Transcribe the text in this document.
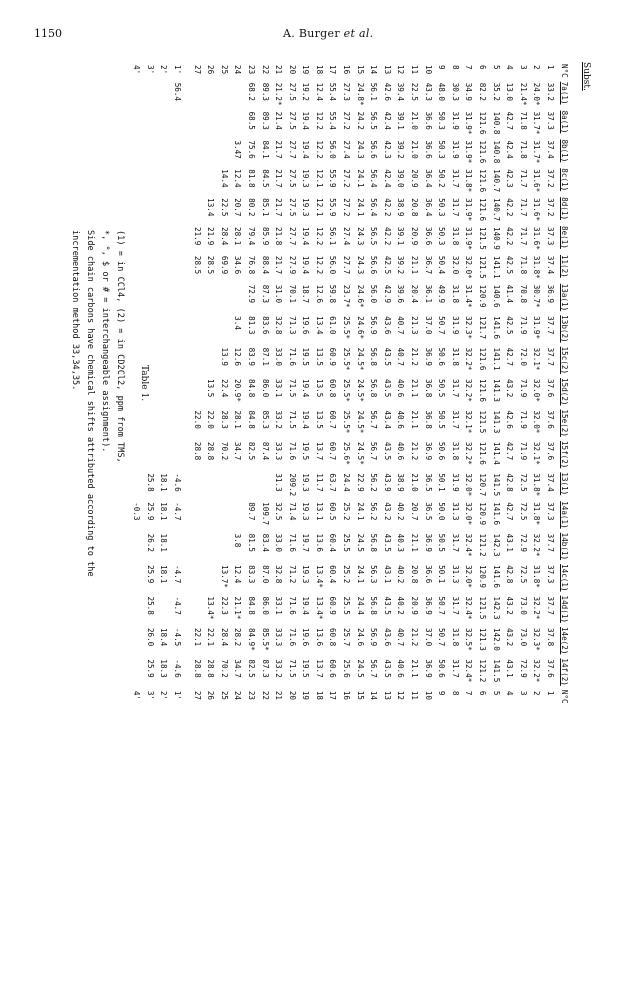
1150	A. Burger et al.
Subst.
N°C	7a(1)	8a(1)	8b(1)	8c(1)	8d(1)	8e(1)	11(2)	13a(1)	13b(2)	15c(2)	15d(2)	15e(2)	15f(2)	13(1)	14a(1)	14b(1)	14c(1)	14d(1)	14e(2)	14f(2)	N°C
1	33.2	37.3	37.4	37.2	37.2	37.3	37.4	36.9	37.7	37.7	37.6	37.6	37.6	37.4	37.3	37.7	37.3	37.7	37.8	37.6	1
2	24.0*	31.7*	31.7*	31.6*	31.6*	31.6*	31.8*	30.7*	31.9*	32.1*	32.0*	32.0*	32.1*	31.8*	31.8*	32.2*	31.8*	32.2*	32.3*	32.2*	2
3	21.4*	71.8	71.8	71.7	71.7	71.7	71.8	70.8	71.9	72.0	71.9	71.9	71.9	72.5	72.5	72.9	72.5	73.0	73.0	72.9	3
4	13.0	42.7	42.4	42.3	42.2	42.2	42.5	41.4	42.5	42.7	43.2	42.6	42.7	42.8	42.7	43.1	42.8	43.2	43.2	43.1	4
5	35.2	140.8	140.8	140.7	140.7	140.9	141.1	140.6	141.6	141.1	141.3	141.3	141.4	141.5	141.6	142.3	141.6	142.3	142.0	141.5	5
6	82.2	121.6	121.6	121.6	121.6	121.5	121.5	120.9	121.7	121.6	121.6	121.5	121.6	120.7	120.9	121.2	120.9	121.5	121.3	121.2	6
7	34.9	31.9*	31.9*	31.8*	31.9*	31.9*	32.0*	31.4*	32.3*	32.2*	32.2*	32.1*	32.2*	32.0*	32.0*	32.4*	32.0*	32.4*	32.5*	32.4*	7
8	30.3	31.9	31.9	31.7	31.7	31.8	32.0	31.8	31.9	31.8	31.7	31.7	31.8	31.9	31.3	31.7	31.3	31.7	31.8	31.7	8
9	48.0	50.3	50.3	50.2	50.3	50.3	50.4	49.9	50.7	50.6	50.5	50.5	50.6	50.1	50.0	50.5	50.1	50.7	50.7	50.6	9
10	43.3	36.6	36.6	36.4	36.4	36.6	36.7	36.1	37.0	36.9	36.8	36.8	36.9	36.5	36.5	36.9	36.6	36.9	37.0	36.9	10
11	22.5	21.0	21.0	20.9	20.8	20.9	21.1	20.4	21.3	21.2	21.1	21.1	21.2	21.0	20.7	21.1	20.8	20.9	21.2	21.1	11
12	39.4	39.1	39.2	39.0	38.9	39.1	39.2	39.6	40.7	40.7	40.6	40.6	40.6	38.9	40.2	40.3	40.2	40.2	40.7	40.6	12
13	42.6	42.4	42.3	42.4	42.2	42.2	42.5	42.9	43.6	43.5	43.5	43.4	43.5	43.9	43.2	43.5	43.1	43.5	43.6	43.5	13
14	56.1	56.5	56.6	56.4	56.4	56.5	56.6	56.0	56.9	56.8	56.8	56.7	56.7	56.2	56.2	56.8	56.3	56.8	56.9	56.7	14
15	24.8*	24.2	24.3	24.1	24.1	24.3	24.3	24.6*	24.6*	24.5*	24.5*	24.5*	24.5*	22.9	24.1	24.5	24.1	24.4	24.6	24.5	15
16	27.3	27.2	27.4	27.2	27.2	27.4	27.7	23.7*	25.5*	25.5*	25.5*	25.5*	25.6*	24.4	25.2	25.5	25.2	25.5	25.7	25.6	16
17	55.4	55.4	56.0	55.9	55.9	56.1	56.0	59.8	61.0	60.9	60.8	60.7	60.7	63.7	60.5	60.4	60.4	60.9	60.8	60.6	17
18	12.4	12.2	12.2	12.1	12.1	12.2	12.2	12.6	13.4	13.5	13.5	13.5	13.7	11.7	13.1	13.6	13.4*	13.4*	13.6	13.7	18
19	19.2	19.4	19.4	19.3	19.3	19.4	19.4	18.7	19.6	19.5	19.4	19.4	19.5	19.3	19.3	19.7	19.3	19.4	19.6	19.5	19
20	27.5	27.5	27.7	27.5	27.5	27.7	27.9	70.1	71.3	71.6	71.5	71.5	71.6	209.2	71.4	71.6	71.2	71.6	71.6	71.5	20
21	21.2*	21.4	21.7	21.7	21.7	21.8	21.7	31.0	32.8	33.0	33.1	33.2	33.3	31.3	32.5	33.0	32.8	33.1	33.3	33.2	21
22	89.3	89.3	84.1	84.5	85.1	85.9	88.4	87.3	83.6	87.1	86.0	85.3	87.4		109.7	83.4	87.0	86.0	85.5*	87.3	22
23	68.2	68.5	75.6	81.8	80.2	79.4	76.8	72.9	81.3	83.9	84.8	84.8	82.5		89.7	81.5	83.3	84.8	84.9*	82.5	23
24			3.47	12.4	20.7	28.1	34.6		3.4	12.6	20.9*	28.1	34.7			3.8	12.4	21.1*	28.2	34.7	24
25				14.4	22.5	28.4	69.9			13.9	22.4	28.3	70.2				13.7*	22.3	28.4	70.2	25
26					13.4	21.9	28.5				13.5	22.0	28.8					13.4*	22.1	28.8	26
27						21.9	28.5					22.0	28.8						22.1	28.8	27

1'	56.4													-4.6	-4.7		-4.7	-4.7	-4.5	-4.6	1'
2'														18.1	18.1	18.1	18.1		18.4	18.3	2'
3'														25.8	25.9	26.2	25.9	25.8	26.0	25.9	3'
4'															-0.3						4'
Table 1.
(1) = in CCl4, (2) = in CD2Cl2, ppm from TMS,
*, °, $ or # = interchangeable assignment).
Side chain carbons have chemical shifts attributed according to the
incrementation method 33,34,35.
